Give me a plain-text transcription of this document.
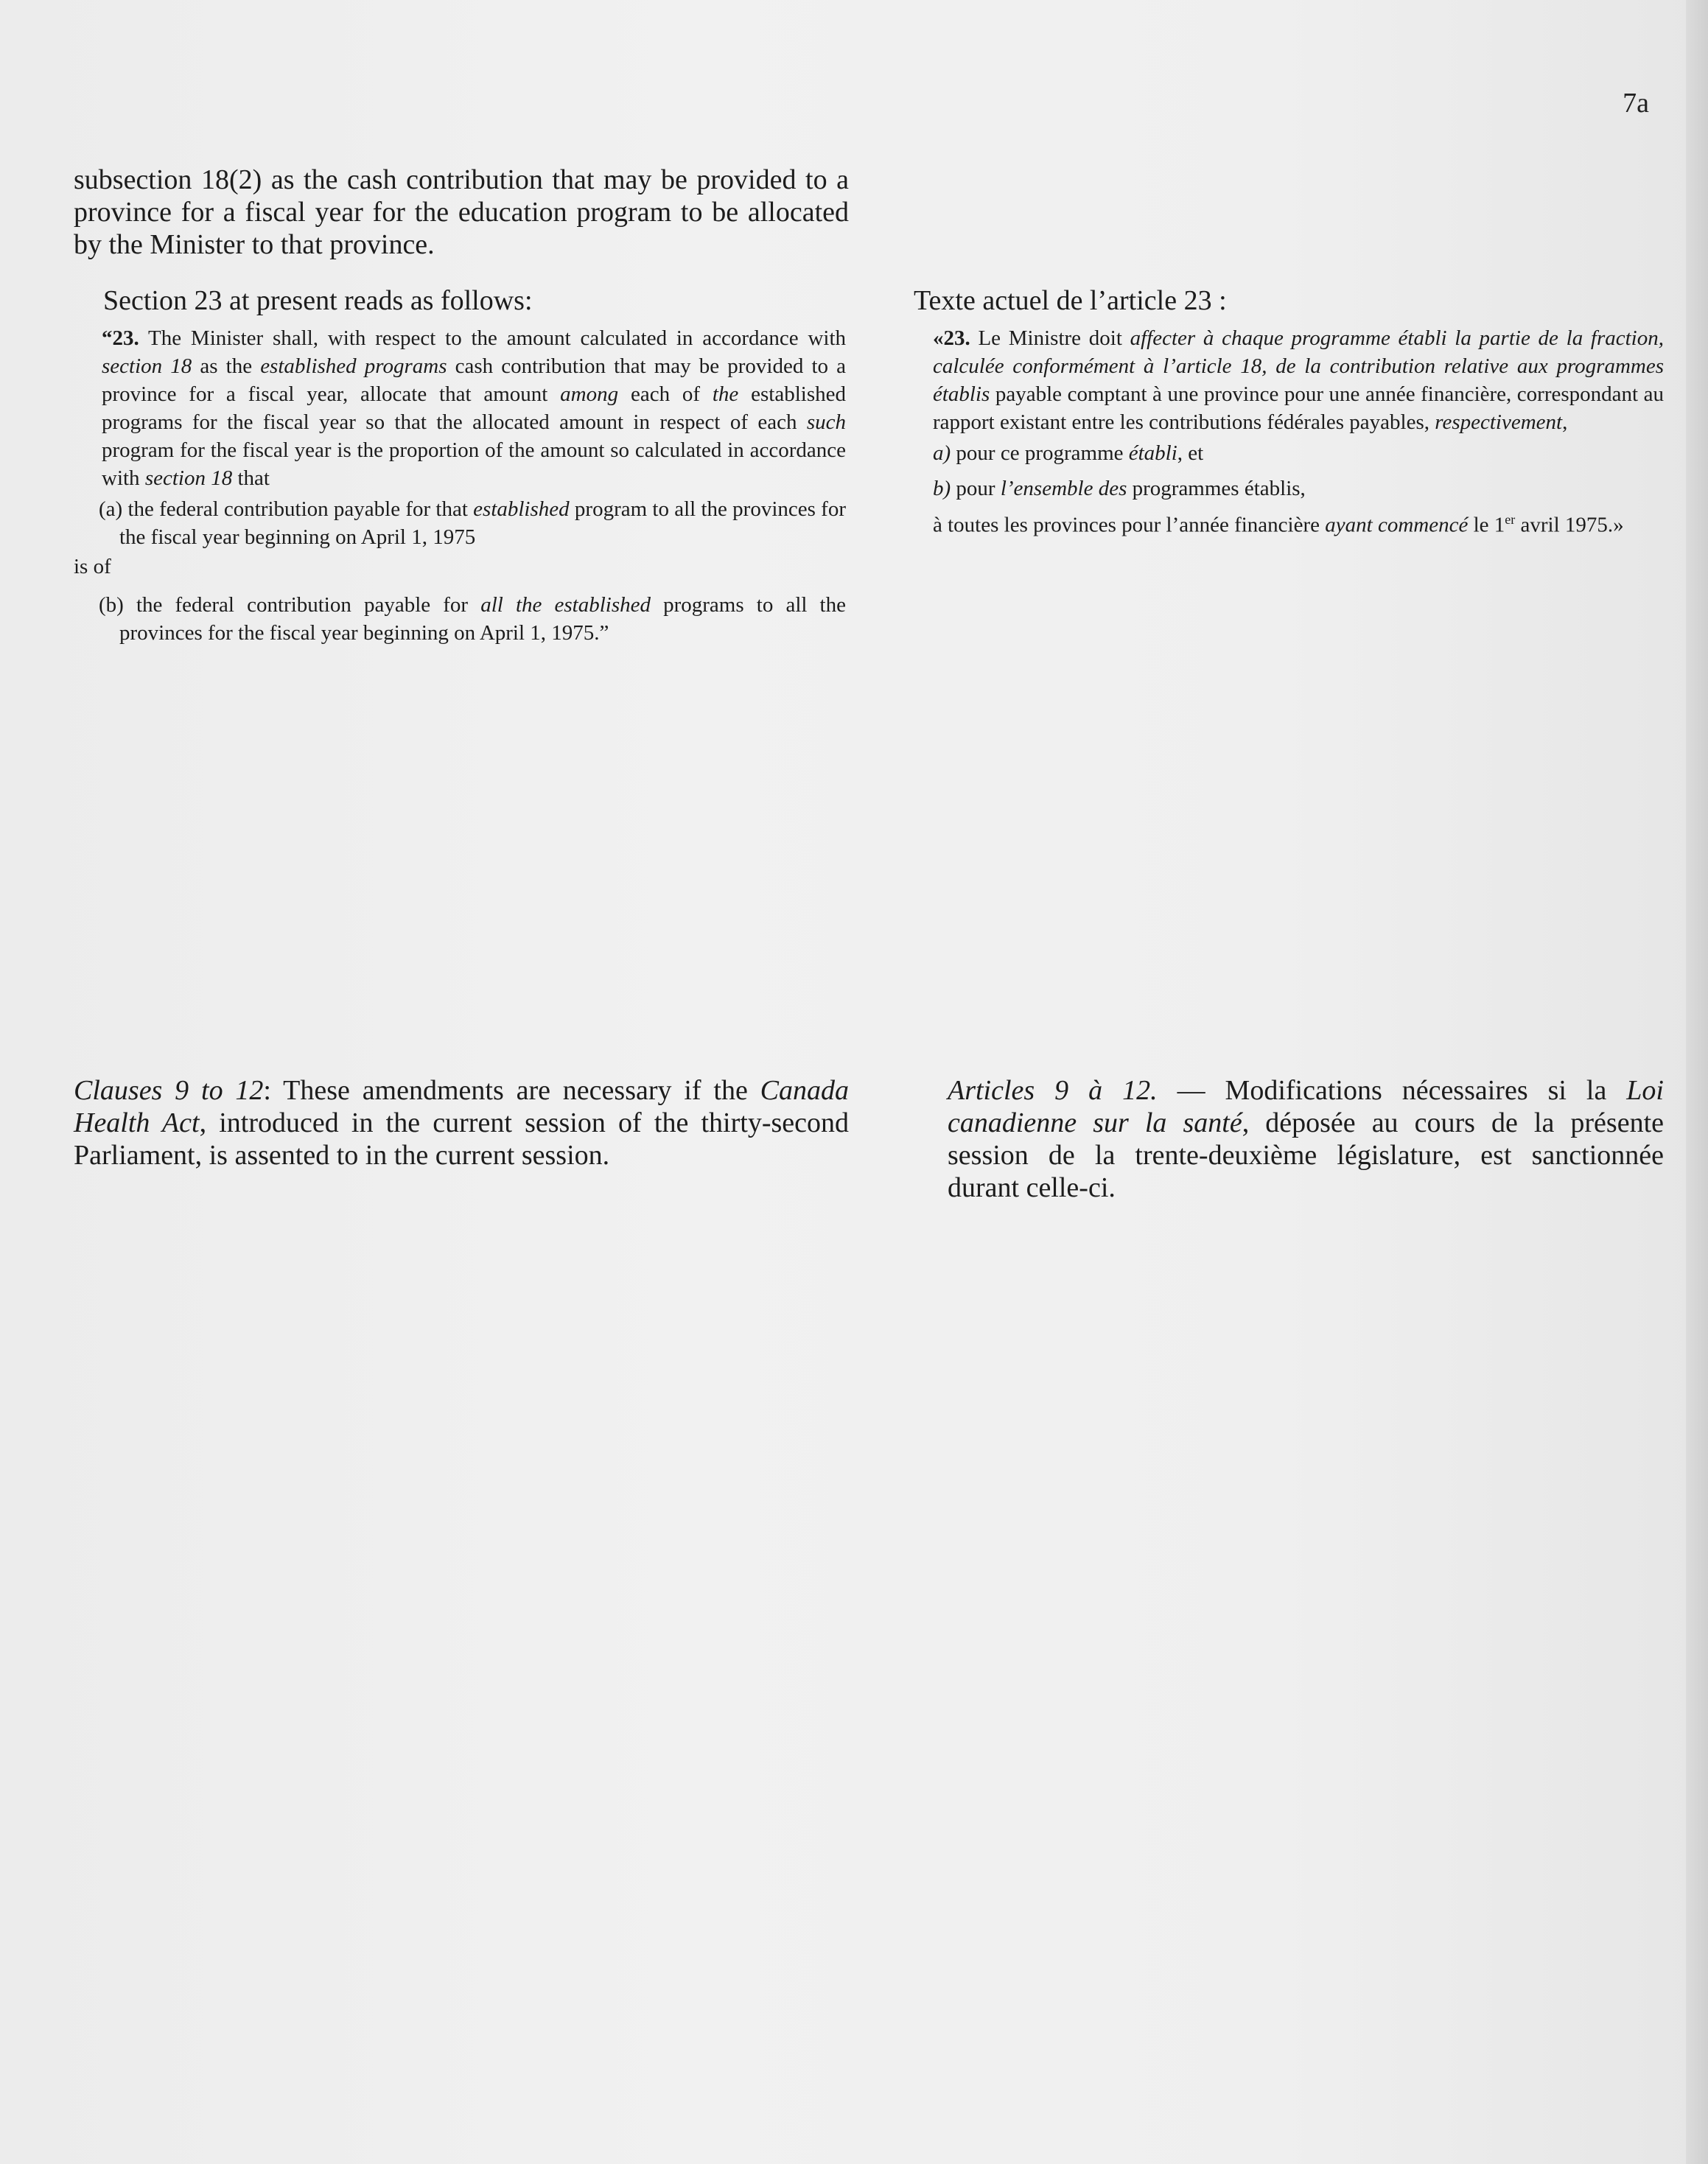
7a

subsection 18(2) as the cash contribution that may be provided to a province for a fiscal year for the education program to be allocated by the Minister to that province.

Section 23 at present reads as follows:

“23. The Minister shall, with respect to the amount calculated in accordance with section 18 as the established programs cash contribution that may be provided to a province for a fiscal year, allocate that amount among each of the established programs for the fiscal year so that the allocated amount in respect of each such program for the fiscal year is the proportion of the amount so calculated in accordance with section 18 that

(a) the federal contribution payable for that established program to all the provinces for the fiscal year beginning on April 1, 1975

is of

(b) the federal contribution payable for all the established programs to all the provinces for the fiscal year beginning on April 1, 1975.”

Clauses 9 to 12: These amendments are necessary if the Canada Health Act, introduced in the current session of the thirty-second Parliament, is assented to in the current session.

Texte actuel de l’article 23 :

«23. Le Ministre doit affecter à chaque programme établi la partie de la fraction, calculée conformément à l’article 18, de la contribution relative aux programmes établis payable comptant à une province pour une année financière, correspondant au rapport existant entre les contributions fédérales payables, respectivement,

a) pour ce programme établi, et

b) pour l’ensemble des programmes établis,

à toutes les provinces pour l’année financière ayant commencé le 1er avril 1975.»

Articles 9 à 12. — Modifications nécessaires si la Loi canadienne sur la santé, déposée au cours de la présente session de la trente-deuxième législature, est sanctionnée durant celle-ci.
